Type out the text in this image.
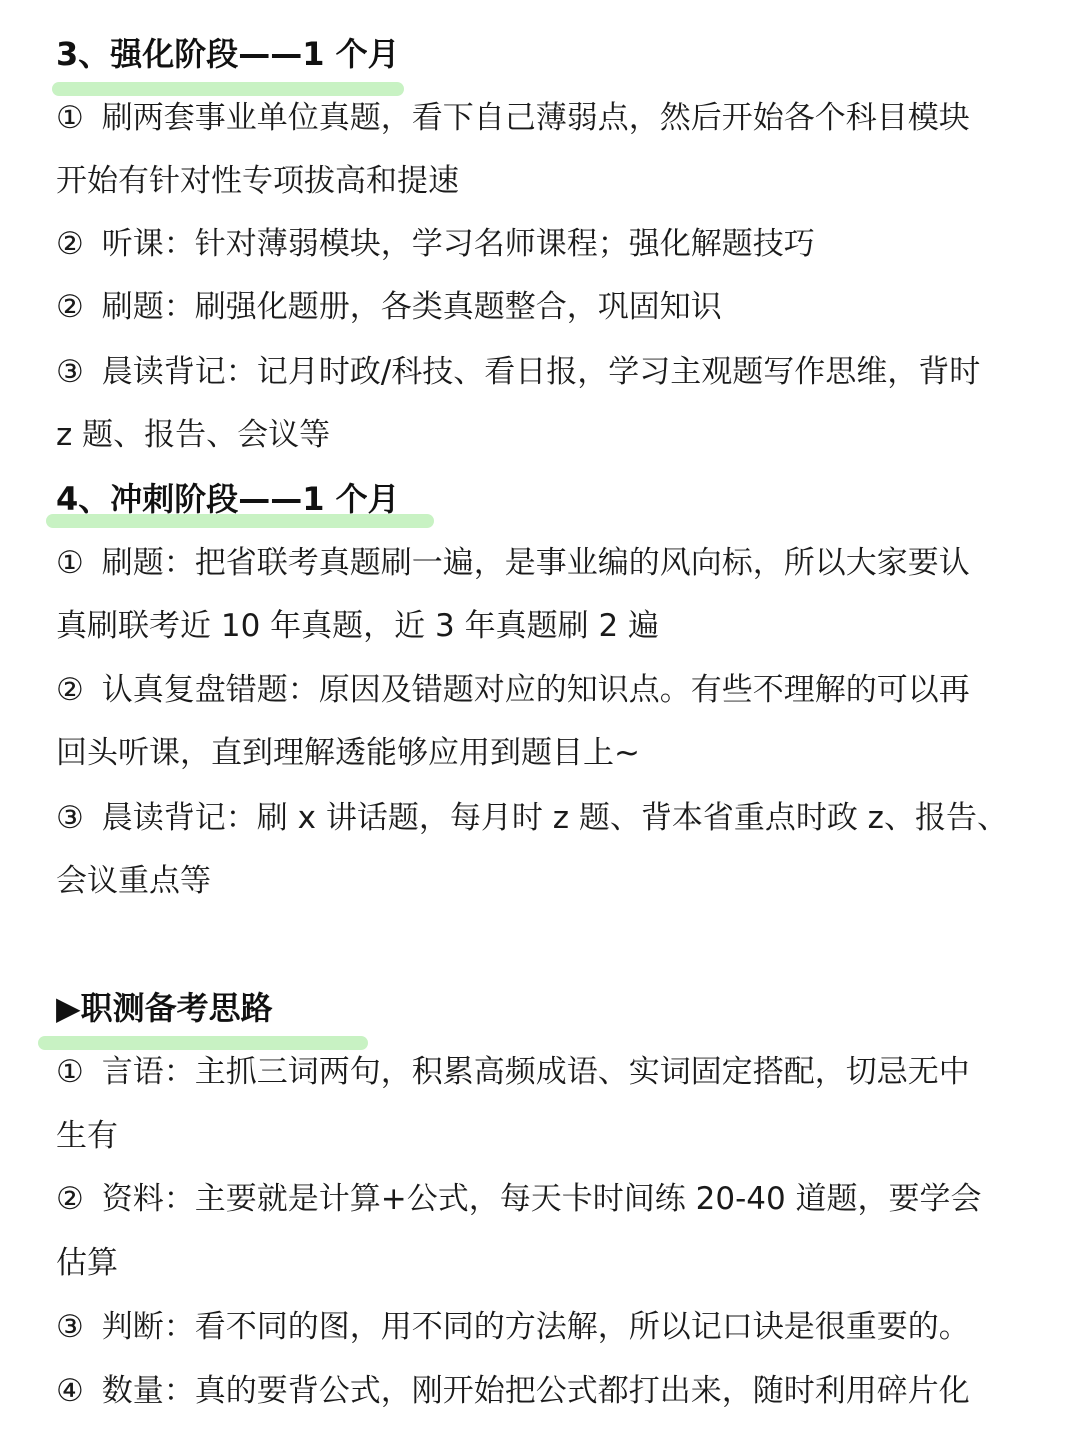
3、强化阶段——1 个月
① 刷两套事业单位真题，看下自己薄弱点，然后开始各个科目模块
开始有针对性专项拔高和提速
② 听课：针对薄弱模块，学习名师课程；强化解题技巧
② 刷题：刷强化题册，各类真题整合，巩固知识
③ 晨读背记：记月时政/科技、看日报，学习主观题写作思维，背时
z 题、报告、会议等
4、冲刺阶段——1 个月
① 刷题：把省联考真题刷一遍，是事业编的风向标，所以大家要认
真刷联考近 10 年真题，近 3 年真题刷 2 遍
② 认真复盘错题：原因及错题对应的知识点。有些不理解的可以再
回头听课，直到理解透能够应用到题目上~
③ 晨读背记：刷 x 讲话题，每月时 z 题、背本省重点时政 z、报告、
会议重点等
▶职测备考思路
① 言语：主抓三词两句，积累高频成语、实词固定搭配，切忌无中
生有
② 资料：主要就是计算+公式，每天卡时间练 20-40 道题，要学会
估算
③ 判断：看不同的图，用不同的方法解，所以记口诀是很重要的。
④ 数量：真的要背公式，刚开始把公式都打出来，随时利用碎片化
